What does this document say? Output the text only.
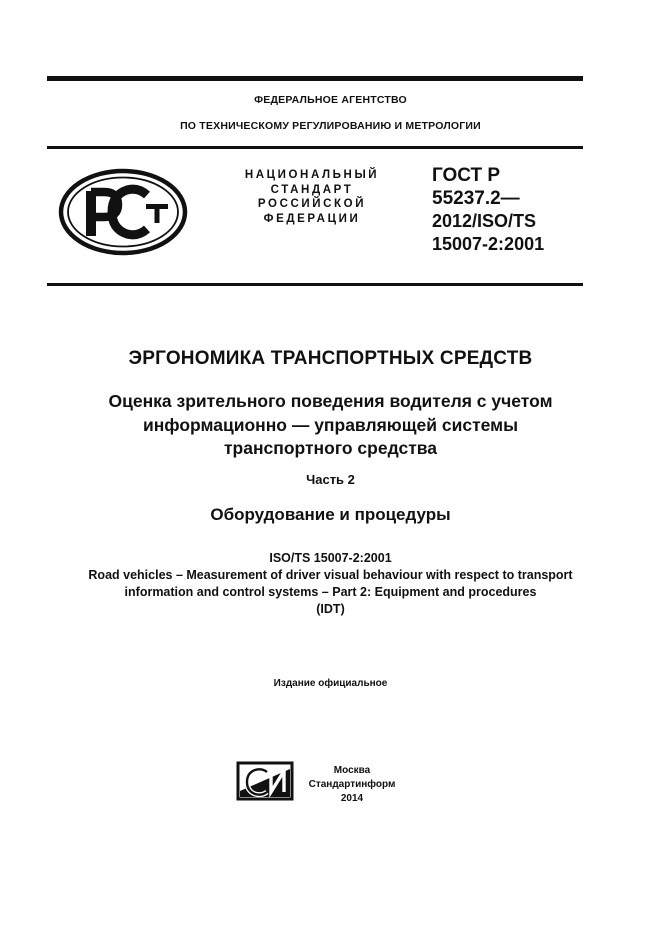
ФЕДЕРАЛЬНОЕ АГЕНТСТВО
ПО ТЕХНИЧЕСКОМУ РЕГУЛИРОВАНИЮ И МЕТРОЛОГИИ
НАЦИОНАЛЬНЫЙ
СТАНДАРТ
РОССИЙСКОЙ
ФЕДЕРАЦИИ
ГОСТ Р
55237.2—
2012/ISO/TS
15007-2:2001
ЭРГОНОМИКА ТРАНСПОРТНЫХ СРЕДСТВ
Оценка зрительного поведения водителя с учетом
информационно — управляющей системы
транспортного средства
Часть 2
Оборудование и процедуры
ISO/TS 15007-2:2001
Road vehicles – Measurement of driver visual behaviour with respect to transport
information and control systems – Part 2: Equipment and procedures
(IDT)
Издание официальное
Москва
Стандартинформ
2014
